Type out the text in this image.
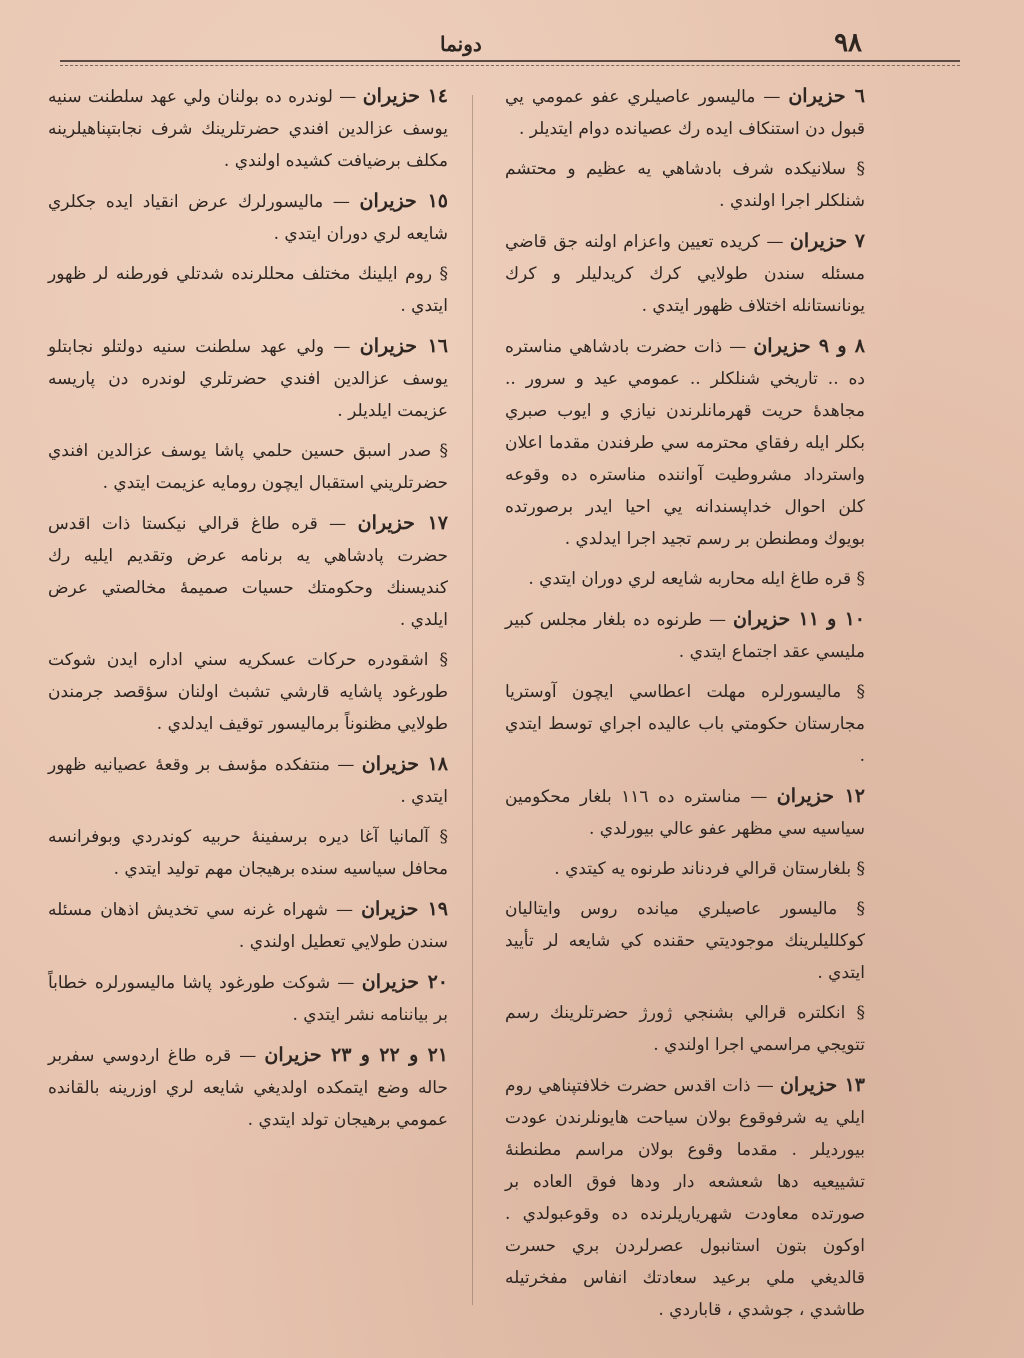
۹۸
دونما

٦ حزيران — ماليسور عاصيلري عفو عمومي يي قبول دن استنكاف ايده رك عصيانده دوام ايتديلر .

§ سلانيكده شرف بادشاهي يه عظيم و محتشم شنلكلر اجرا اولندي .

٧ حزيران — كريده تعيين واعزام اولنه جق قاضي مسئله سندن طولايي كرك كريدليلر و كرك يونانستانله اختلاف ظهور ايتدي .

٨ و ٩ حزيران — ذات حضرت بادشاهي مناستره ده .. تاريخي شنلكلر .. عمومي عيد و سرور .. مجاهدهٔ حريت قهرمانلرندن نيازي و ايوب صبري بكلر ايله رفقاي محترمه سي طرفندن مقدما اعلان واسترداد مشروطيت آواننده مناستره ده وقوعه كلن احوال خداپسندانه يي احيا ايدر برصورتده بويوك ومطنطن بر رسم تجيد اجرا ايدلدي .

§ قره طاغ ايله محاربه شايعه لري دوران ايتدي .

١٠ و ١١ حزيران — طرنوه ده بلغار مجلس كبير مليسي عقد اجتماع ايتدي .

§ ماليسورلره مهلت اعطاسي ايچون آوستريا مجارستان حكومتي باب عاليده اجراي توسط ايتدي .

١٢ حزيران — مناستره ده ١١٦ بلغار محكومين سياسيه سي مظهر عفو عالي بيورلدي .

§ بلغارستان قرالي فردناند طرنوه يه كيتدي .

§ ماليسور عاصيلري ميانده روس وايتاليان كوكلليلرينك موجوديتي حقنده كي شايعه لر تأييد ايتدي .

§ انكلتره قرالي بشنجي ژورژ حضرتلرينك رسم تتويجي مراسمي اجرا اولندي .

١٣ حزيران — ذات اقدس حضرت خلافتپناهي روم ايلي يه شرفوقوع بولان سياحت هايونلرندن عودت بيورديلر . مقدما وقوع بولان مراسم مطنطنهٔ تشييعيه دها شعشعه دار ودها فوق العاده بر صورتده معاودت شهرياريلرنده ده وقوعبولدي . اوكون بتون استانبول عصرلردن بري حسرت قالديغي ملي برعيد سعادتك انفاس مفخرتيله طاشدي ، جوشدي ، قاباردي .

١٤ حزيران — لوندره ده بولنان ولي عهد سلطنت سنيه يوسف عزالدين افندي حضرتلرينك شرف نجابتپناهيلرينه مكلف برضيافت كشيده اولندي .

١٥ حزيران — ماليسورلرك عرض انقياد ايده جكلري شايعه لري دوران ايتدي .

§ روم ايلينك مختلف محللرنده شدتلي فورطنه لر ظهور ايتدي .

١٦ حزيران — ولي عهد سلطنت سنيه دولتلو نجابتلو يوسف عزالدين افندي حضرتلري لوندره دن پاريسه عزيمت ايلديلر .

§ صدر اسبق حسين حلمي پاشا يوسف عزالدين افندي حضرتلريني استقبال ايچون رومايه عزيمت ايتدي .

١٧ حزيران — قره طاغ قرالي نيكستا ذات اقدس حضرت پادشاهي يه برنامه عرض وتقديم ايليه رك كنديسنك وحكومتك حسيات صميمهٔ مخالصتي عرض ايلدي .

§ اشقودره حركات عسكريه سني اداره ايدن شوكت طورغود پاشايه قارشي تشبث اولنان سؤقصد جرمندن طولايي مظنوناً برماليسور توقيف ايدلدي .

١٨ حزيران — منتفكده مؤسف بر وقعهٔ عصيانيه ظهور ايتدي .

§ آلمانيا آغا ديره برسفينهٔ حربيه كوندردي وبوفرانسه محافل سياسيه سنده برهيجان مهم توليد ايتدي .

١٩ حزيران — شهراه غرنه سي تخديش اذهان مسئله سندن طولايي تعطيل اولندي .

٢٠ حزيران — شوكت طورغود پاشا ماليسورلره خطاباً بر بياننامه نشر ايتدي .

٢١ و ٢٢ و ٢٣ حزيران — قره طاغ اردوسي سفربر حاله وضع ايتمكده اولديغي شايعه لري اوزرينه بالقانده عمومي برهيجان تولد ايتدي .
